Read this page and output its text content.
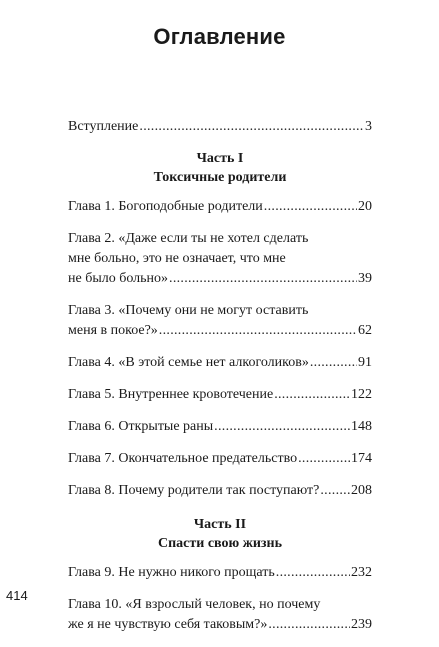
Оглавление
Вступление . . .	3
Часть I
Токсичные родители
Глава 1. Богоподобные родители . . .	20
Глава 2. «Даже если ты не хотел сделать
мне больно, это не означает, что мне
не было больно» . . .	39
Глава 3. «Почему они не могут оставить
меня в покое?» . . .	62
Глава 4. «В этой семье нет алкоголиков» . . .	91
Глава 5. Внутреннее кровотечение . . .	122
Глава 6. Открытые раны . . .	148
Глава 7. Окончательное предательство . . .	174
Глава 8. Почему родители так поступают? . . . 208
Часть II
Спасти свою жизнь
Глава 9. Не нужно никого прощать . . .	232
Глава 10. «Я взрослый человек, но почему
же я не чувствую себя таковым?» . . .	239
414
